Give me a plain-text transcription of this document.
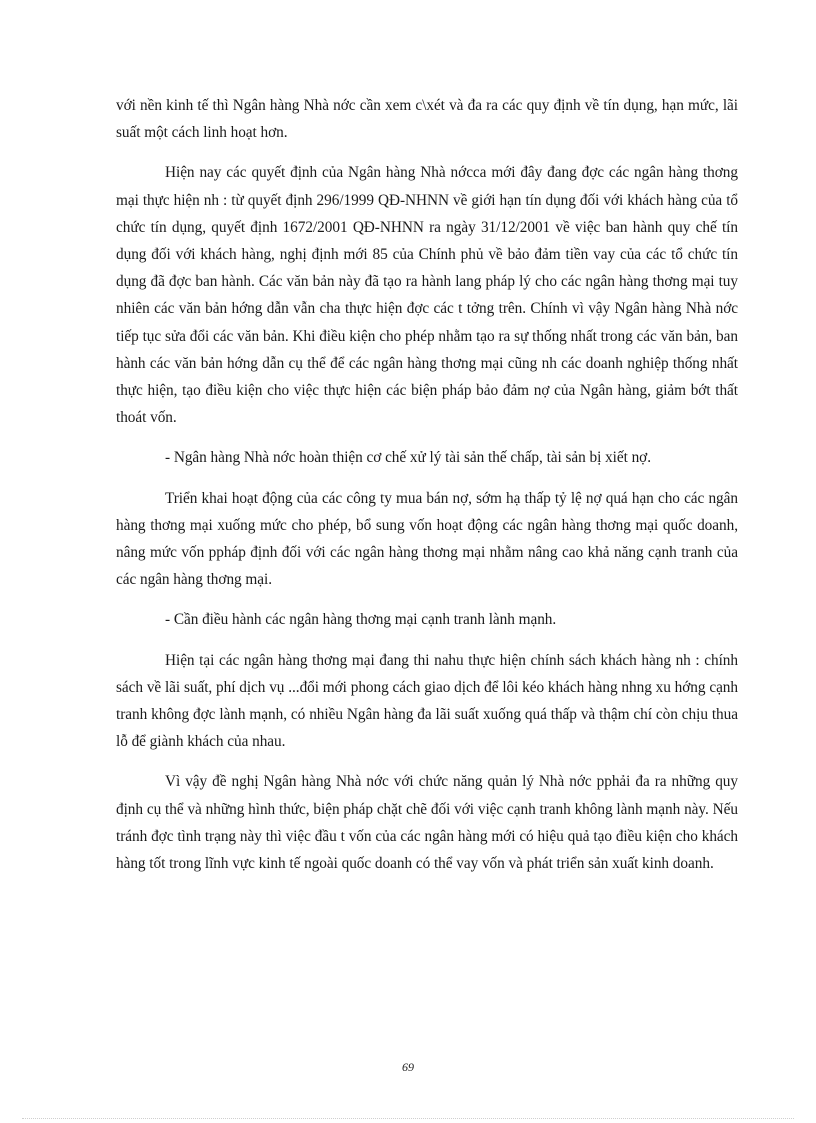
với nền kinh tế thì Ngân hàng Nhà nớc cần xem c\xét và đa ra các quy định về tín dụng, hạn mức, lãi suất một cách linh hoạt hơn.

Hiện nay các quyết định của Ngân hàng Nhà nớcca mới đây đang đợc các ngân hàng thơng mại thực hiện nh : từ quyết định 296/1999 QĐ-NHNN về giới hạn tín dụng đối với khách hàng của tổ chức tín dụng, quyết định 1672/2001 QĐ-NHNN ra ngày 31/12/2001 về việc ban hành quy chế tín dụng đối với khách hàng, nghị định mới 85 của Chính phủ về bảo đảm tiền vay của các tổ chức tín dụng đã đợc ban hành. Các văn bản này đã tạo ra hành lang pháp lý cho các ngân hàng thơng mại tuy nhiên các văn bản hớng dẫn vẫn cha thực hiện đợc các t tởng trên. Chính vì vậy Ngân hàng Nhà nớc tiếp tục sửa đổi các văn bản. Khi điều kiện cho phép nhằm tạo ra sự thống nhất trong các văn bản, ban hành các văn bản hớng dẫn cụ thể để các ngân hàng thơng mại cũng nh các doanh nghiệp thống nhất thực hiện, tạo điều kiện cho việc thực hiện các biện pháp bảo đảm nợ của Ngân hàng, giảm bớt thất thoát vốn.

- Ngân hàng Nhà nớc hoàn thiện cơ chế xử lý tài sản thế chấp, tài sản bị xiết nợ.

Triển khai hoạt động của các công ty mua bán nợ, sớm hạ thấp tỷ lệ nợ quá hạn cho các ngân hàng thơng mại xuống mức cho phép, bổ sung vốn hoạt động các ngân hàng thơng mại quốc doanh, nâng mức vốn ppháp định đối với các ngân hàng thơng mại nhằm nâng cao khả năng cạnh tranh của các ngân hàng thơng mại.

- Cần điều hành các ngân hàng thơng mại cạnh tranh lành mạnh.

Hiện tại các ngân hàng thơng mại đang thi nahu thực hiện chính sách khách hàng nh : chính sách về lãi suất, phí dịch vụ ...đổi mới phong cách giao dịch để lôi kéo khách hàng nhng xu hớng cạnh tranh không đợc lành mạnh, có nhiều Ngân hàng đa lãi suất xuống quá thấp và thậm chí còn chịu thua lỗ để giành khách của nhau.

Vì vậy đề nghị Ngân hàng Nhà nớc với chức năng quản lý Nhà nớc pphải đa ra những quy định cụ thể và những hình thức, biện pháp chặt chẽ đối với việc cạnh tranh không lành mạnh này. Nếu tránh đợc tình trạng này thì việc đầu t vốn của các ngân hàng mới có hiệu quả tạo điều kiện cho khách hàng tốt trong lĩnh vực kinh tế ngoài quốc doanh có thể vay vốn và phát triển sản xuất kinh doanh.

69
